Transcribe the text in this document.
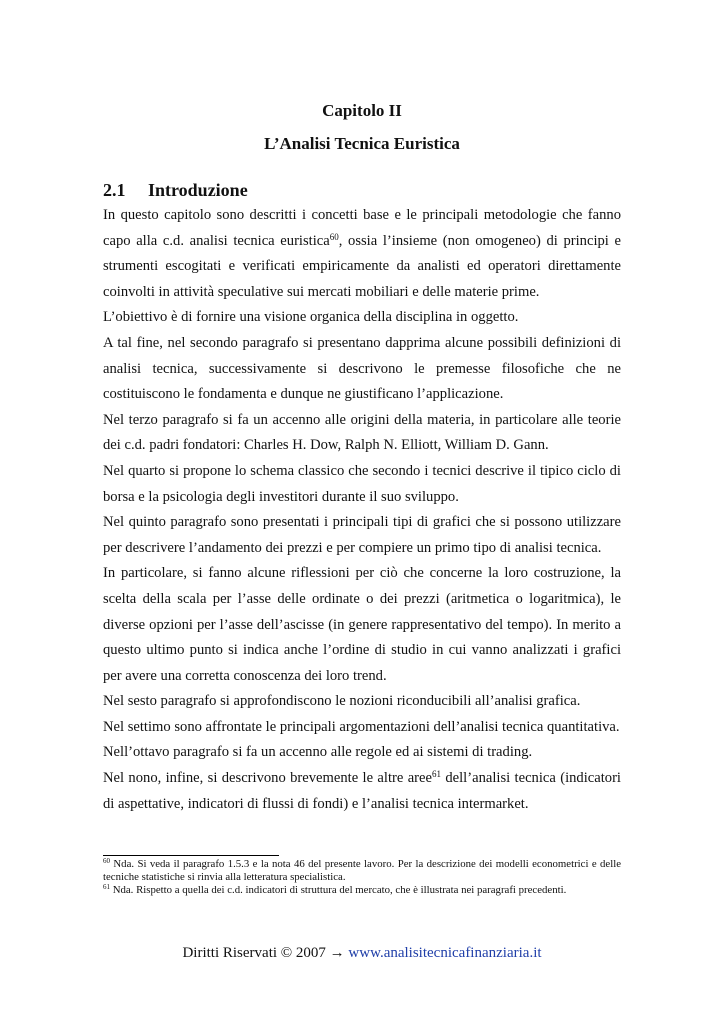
Capitolo II
L’Analisi Tecnica Euristica
2.1 Introduzione

In questo capitolo sono descritti i concetti base e le principali metodologie che fanno capo alla c.d. analisi tecnica euristica$^{60}$, ossia l’insieme (non omogeneo) di principi e strumenti escogitati e verificati empiricamente da analisti ed operatori direttamente coinvolti in attività speculative sui mercati mobiliari e delle materie prime.

L’obiettivo è di fornire una visione organica della disciplina in oggetto.

A tal fine, nel secondo paragrafo si presentano dapprima alcune possibili definizioni di analisi tecnica, successivamente si descrivono le premesse filosofiche che ne costituiscono le fondamenta e dunque ne giustificano l’applicazione.

Nel terzo paragrafo si fa un accenno alle origini della materia, in particolare alle teorie dei c.d. padri fondatori: Charles H. Dow, Ralph N. Elliott, William D. Gann.

Nel quarto si propone lo schema classico che secondo i tecnici descrive il tipico ciclo di borsa e la psicologia degli investitori durante il suo sviluppo.

Nel quinto paragrafo sono presentati i principali tipi di grafici che si possono utilizzare per descrivere l’andamento dei prezzi e per compiere un primo tipo di analisi tecnica.

In particolare, si fanno alcune riflessioni per ciò che concerne la loro costruzione, la scelta della scala per l’asse delle ordinate o dei prezzi (aritmetica o logaritmica), le diverse opzioni per l’asse dell’ascisse (in genere rappresentativo del tempo). In merito a questo ultimo punto si indica anche l’ordine di studio in cui vanno analizzati i grafici per avere una corretta conoscenza dei loro trend.

Nel sesto paragrafo si approfondiscono le nozioni riconducibili all’analisi grafica.

Nel settimo sono affrontate le principali argomentazioni dell’analisi tecnica quantitativa.

Nell’ottavo paragrafo si fa un accenno alle regole ed ai sistemi di trading.

Nel nono, infine, si descrivono brevemente le altre aree$^{61}$ dell’analisi tecnica (indicatori di aspettative, indicatori di flussi di fondi) e l’analisi tecnica intermarket.

$^{60}$ Nda. Si veda il paragrafo 1.5.3 e la nota 46 del presente lavoro. Per la descrizione dei modelli econometrici e delle tecniche statistiche si rinvia alla letteratura specialistica.

$^{61}$ Nda. Rispetto a quella dei c.d. indicatori di struttura del mercato, che è illustrata nei paragrafi precedenti.

Diritti Riservati © 2007 → www.analisitecnicafinanziaria.it
